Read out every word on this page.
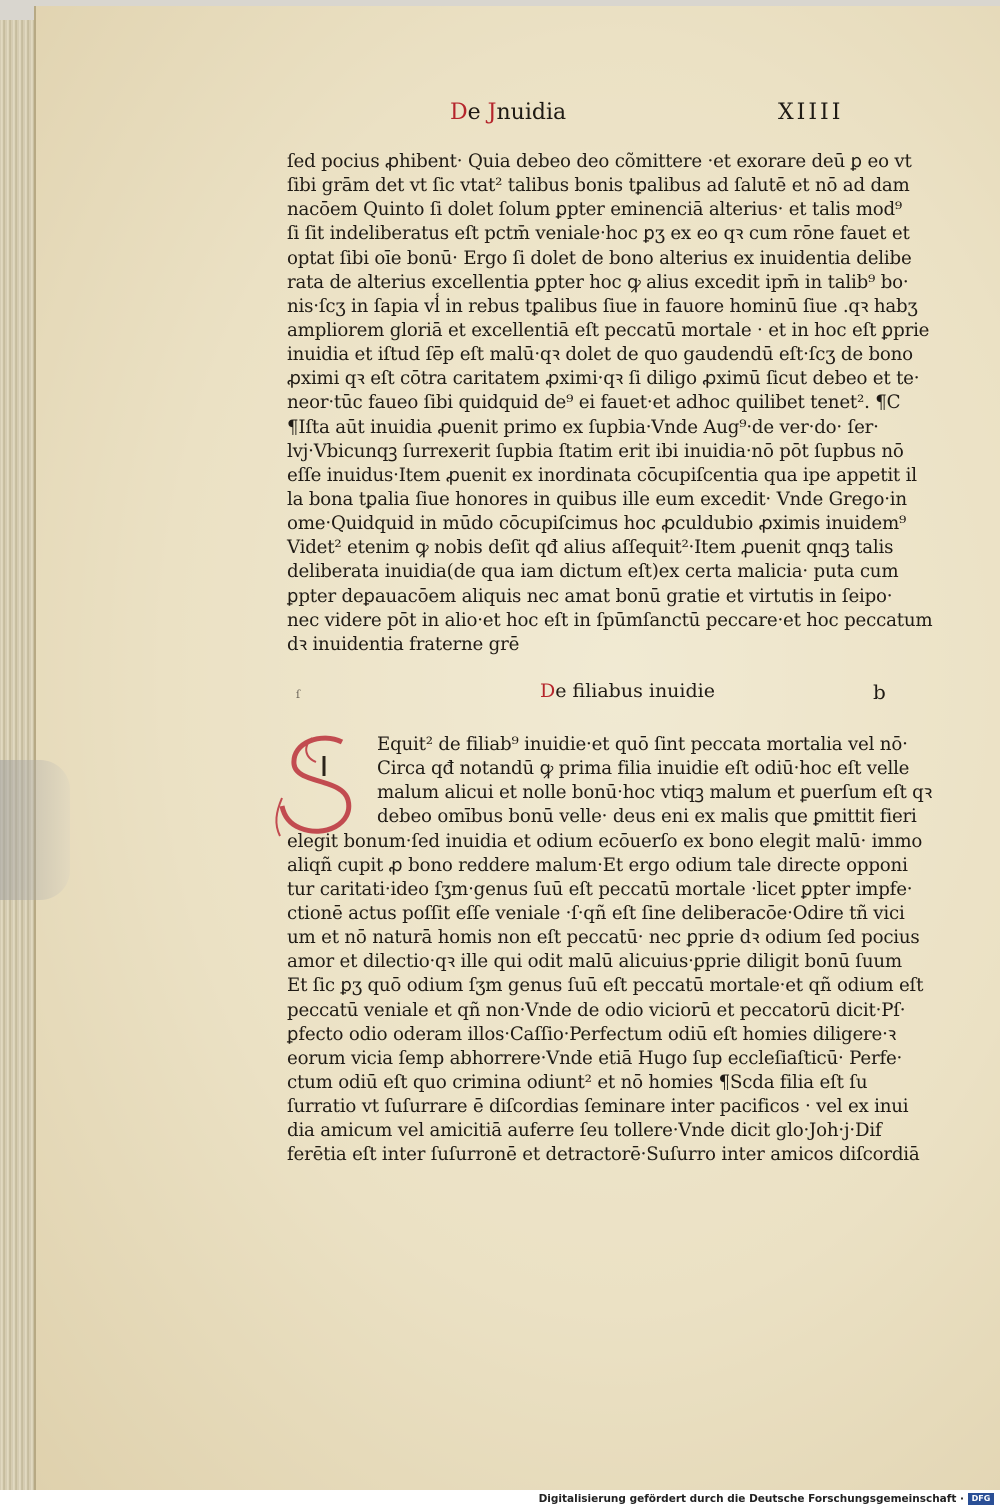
De Jnuidia	XIIII
ſed pocius ꝓhibent· Quia debeo deo cõmittere ·et exorare deū ꝑ eo vt
ſibi grām det vt ſic vtat² talibus bonis tꝑalibus ad ſalutē et nō ad dam
nacōem Quinto ſi dolet ſolum ꝑpter eminenciā alterius· et talis mod⁹
ſi ſit indeliberatus eſt pctm̄ veniale·hoc ꝑʒ ex eo qꝛ cum rōne fauet et
optat ſibi oīe bonū· Ergo ſi dolet de bono alterius ex inuidentia delibe
rata de alterius excellentia ꝑpter hoc ꝙ alius excedit ipm̄ in talib⁹ bo·
nis·ſcʒ in ſapia vl̾ in rebus tꝑalibus ſiue in fauore hominū ſiue .qꝛ habʒ
ampliorem gloriā et excellentiā eſt peccatū mortale · et in hoc eſt ꝑprie
inuidia et iſtud ſēp eſt malū·qꝛ dolet de quo gaudendū eſt·ſcʒ de bono
ꝓximi qꝛ eſt cōtra caritatem ꝓximi·qꝛ ſi diligo ꝓximū ſicut debeo et te·
neor·tūc faueo ſibi quidquid de⁹ ei fauet·et adhoc quilibet tenet². ¶C
¶Iſta aūt inuidia ꝓuenit primo ex ſupbia·Vnde Aug⁹·de ver·do· ſer·
lvj·Vbicunqꝫ ſurrexerit ſupbia ſtatim erit ibi inuidia·nō pōt ſupbus nō
eſſe inuidus·Item ꝓuenit ex inordinata cōcupiſcentia qua ipe appetit il
la bona tꝑalia ſiue honores in quibus ille eum excedit· Vnde Grego·in
ome·Quidquid in mūdo cōcupiſcimus hoc ꝓculdubio ꝓximis inuidem⁹
Videt² etenim ꝙ nobis deſit qđ alius aſſequit²·Item ꝓuenit qnqꝫ talis
deliberata inuidia(de qua iam dictum eſt)ex certa malicia· puta cum
ꝑpter deꝑauacōem aliquis nec amat bonū gratie et virtutis in ſeipo·
nec videre pōt in alio·et hoc eſt in ſpūmſanctū peccare·et hoc peccatum
dꝛ inuidentia fraterne grē
ſ	De filiabus inuidie	b
Equit² de filiab⁹ inuidie·et quō ſint peccata mortalia vel nō·
Circa qđ notandū ꝙ prima filia inuidie eſt odiū·hoc eſt velle
malum alicui et nolle bonū·hoc vtiqꝫ malum et ꝑuerſum eſt qꝛ
debeo omībus bonū velle· deus eni ex malis que ꝑmittit fieri
elegit bonum·ſed inuidia et odium ecōuerſo ex bono elegit malū· immo
aliqñ cupit ꝓ bono reddere malum·Et ergo odium tale directe opponi
tur caritati·ideo ſʒm·genus ſuū eſt peccatū mortale ·licet ꝑpter impfe·
ctionē actus poſſit eſſe veniale ·ſ·qñ eſt ſine deliberacōe·Odire tñ vici
um et nō naturā homis non eſt peccatū· nec ꝑprie dꝛ odium ſed pocius
amor et dilectio·qꝛ ille qui odit malū alicuius·ꝑprie diligit bonū ſuum
Et ſic ꝑʒ quō odium ſʒm genus ſuū eſt peccatū mortale·et qñ odium eſt
peccatū veniale et qñ non·Vnde de odio viciorū et peccatorū dicit·Pſ·
ꝑfecto odio oderam illos·Caſſio·Perfectum odiū eſt homies diligere·ꝛ
eorum vicia ſemp abhorrere·Vnde etiā Hugo ſup eccleſiaſticū· Perfe·
ctum odiū eſt quo crimina odiunt² et nō homies ¶Scda filia eſt ſu
ſurratio vt ſuſurrare ē diſcordias ſeminare inter pacificos · vel ex inui
dia amicum vel amicitiā auferre ſeu tollere·Vnde dicit glo·Joh·j·Dif
ferētia eſt inter ſuſurronē et detractorē·Suſurro inter amicos diſcordiā
Digitalisierung gefördert durch die Deutsche Forschungsgemeinschaft · DFG
